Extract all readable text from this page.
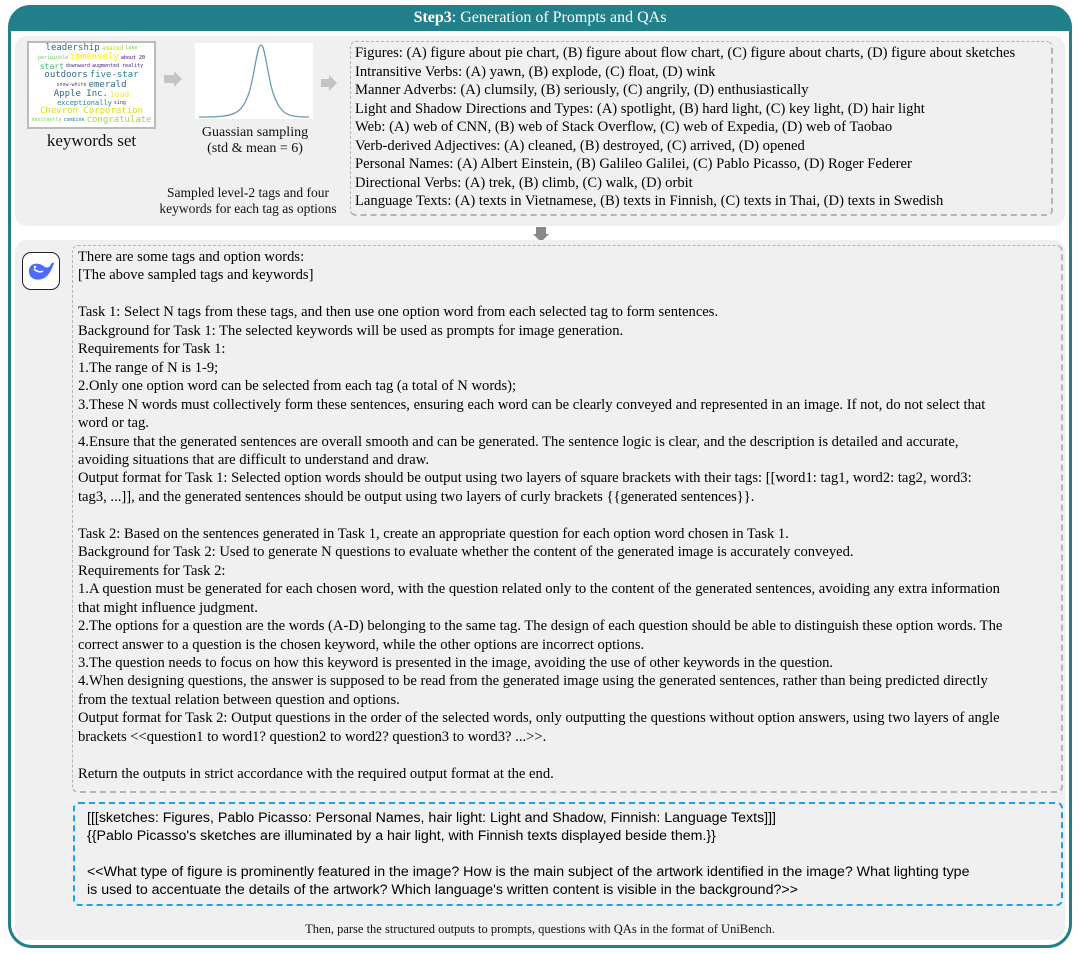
Step3: Generation of Prompts and QAs
leadership amazed lake
periwinkle immensely about 20
start downward augmented reality
outdoors five-star
snow-white emerald
Apple Inc. loud
exceptionally sing
Chevron Corporation
hesitantly combine congratulate
keywords set	Guassian sampling
(std & mean = 6)
Sampled level-2 tags and four
keywords for each tag as options
Figures: (A) figure about pie chart, (B) figure about flow chart, (C) figure about charts, (D) figure about sketches
Intransitive Verbs: (A) yawn, (B) explode, (C) float, (D) wink
Manner Adverbs: (A) clumsily, (B) seriously, (C) angrily, (D) enthusiastically
Light and Shadow Directions and Types: (A) spotlight, (B) hard light, (C) key light, (D) hair light
Web: (A) web of CNN, (B) web of Stack Overflow, (C) web of Expedia, (D) web of Taobao
Verb-derived Adjectives: (A) cleaned, (B) destroyed, (C) arrived, (D) opened
Personal Names: (A) Albert Einstein, (B) Galileo Galilei, (C) Pablo Picasso, (D) Roger Federer
Directional Verbs: (A) trek, (B) climb, (C) walk, (D) orbit
Language Texts: (A) texts in Vietnamese, (B) texts in Finnish, (C) texts in Thai, (D) texts in Swedish
There are some tags and option words:
[The above sampled tags and keywords]
Task 1: Select N tags from these tags, and then use one option word from each selected tag to form sentences.
Background for Task 1: The selected keywords will be used as prompts for image generation.
Requirements for Task 1:
1.The range of N is 1-9;
2.Only one option word can be selected from each tag (a total of N words);
3.These N words must collectively form these sentences, ensuring each word can be clearly conveyed and represented in an image. If not, do not select that
word or tag.
4.Ensure that the generated sentences are overall smooth and can be generated. The sentence logic is clear, and the description is detailed and accurate,
avoiding situations that are difficult to understand and draw.
Output format for Task 1: Selected option words should be output using two layers of square brackets with their tags: [[word1: tag1, word2: tag2, word3:
tag3, ...]], and the generated sentences should be output using two layers of curly brackets {{generated sentences}}.
Task 2: Based on the sentences generated in Task 1, create an appropriate question for each option word chosen in Task 1.
Background for Task 2: Used to generate N questions to evaluate whether the content of the generated image is accurately conveyed.
Requirements for Task 2:
1.A question must be generated for each chosen word, with the question related only to the content of the generated sentences, avoiding any extra information
that might influence judgment.
2.The options for a question are the words (A-D) belonging to the same tag. The design of each question should be able to distinguish these option words. The
correct answer to a question is the chosen keyword, while the other options are incorrect options.
3.The question needs to focus on how this keyword is presented in the image, avoiding the use of other keywords in the question.
4.When designing questions, the answer is supposed to be read from the generated image using the generated sentences, rather than being predicted directly
from the textual relation between question and options.
Output format for Task 2: Output questions in the order of the selected words, only outputting the questions without option answers, using two layers of angle
brackets <<question1 to word1? question2 to word2? question3 to word3? ...>>.
Return the outputs in strict accordance with the required output format at the end.
[[[sketches: Figures, Pablo Picasso: Personal Names, hair light: Light and Shadow, Finnish: Language Texts]]]
{{Pablo Picasso's sketches are illuminated by a hair light, with Finnish texts displayed beside them.}}
<<What type of figure is prominently featured in the image? How is the main subject of the artwork identified in the image? What lighting type
is used to accentuate the details of the artwork? Which language's written content is visible in the background?>>
Then, parse the structured outputs to prompts, questions with QAs in the format of UniBench.
